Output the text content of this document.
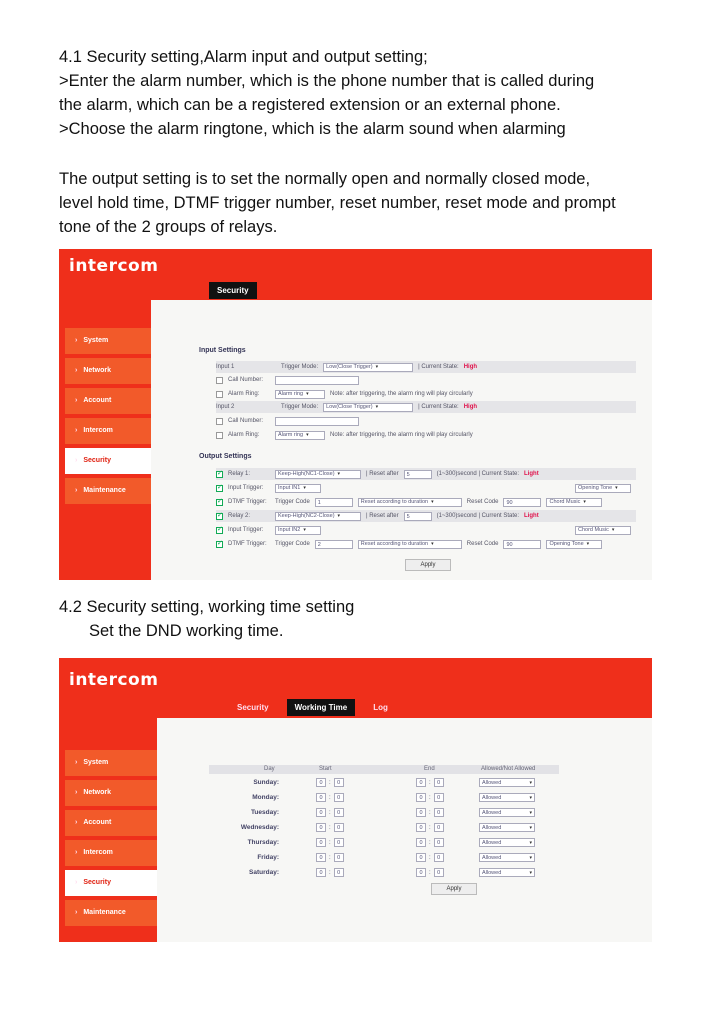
4.1 Security setting,Alarm input and output setting;

>Enter the alarm number, which is the phone number that is called during

the alarm, which can be a registered extension or an external phone.

>Choose the alarm ringtone, which is the alarm sound when alarming

The output setting is to set the normally open and normally closed mode,

level hold time, DTMF trigger number, reset number, reset mode and prompt

tone of the 2 groups of relays.

intercom
Security
› System
› Network
› Account
› Intercom
› Security
› Maintenance
Input Settings
Input 1	Trigger Mode: Low(Close Trigger) ▾	| Current State: High
Call Number:
Alarm Ring:	Alarm ring ▾	Note: after triggering, the alarm ring will play circularly
Input 2	Trigger Mode: Low(Close Trigger) ▾	| Current State: High
Call Number:
Alarm Ring:	Alarm ring ▾	Note: after triggering, the alarm ring will play circularly
Output Settings
✓
Relay 1:	Keep-High(NC1-Close) ▾	| Reset after	5	(1~300)second | Current State: Light
✓
Input Trigger:	Input IN1 ▾	Opening Tone ▾
✓
DTMF Trigger:	Trigger Code	1	Reset according to duration ▾	Reset Code	90	Chord Music ▾
✓
Relay 2:	Keep-High(NC2-Close) ▾	| Reset after	5	(1~300)second | Current State: Light
✓
Input Trigger:	Input IN2 ▾	Chord Music ▾
✓
DTMF Trigger:	Trigger Code	2	Reset according to duration ▾	Reset Code	90	Opening Tone ▾
Apply

4.2 Security setting, working time setting

Set the DND working time.

intercom
Security	Working Time	Log
› System
› Network
› Account
› Intercom
› Security
› Maintenance
Day	Start	End	Allowed/Not Allowed
Sunday:	0	:	0	0	:	0	Allowed	▾
Monday:	0	:	0	0	:	0	Allowed	▾
Tuesday:	0	:	0	0	:	0	Allowed	▾
Wednesday:	0	:	0	0	:	0	Allowed	▾
Thursday:	0	:	0	0	:	0	Allowed	▾
Friday:	0	:	0	0	:	0	Allowed	▾
Saturday:	0	:	0	0	:	0	Allowed	▾
Apply
